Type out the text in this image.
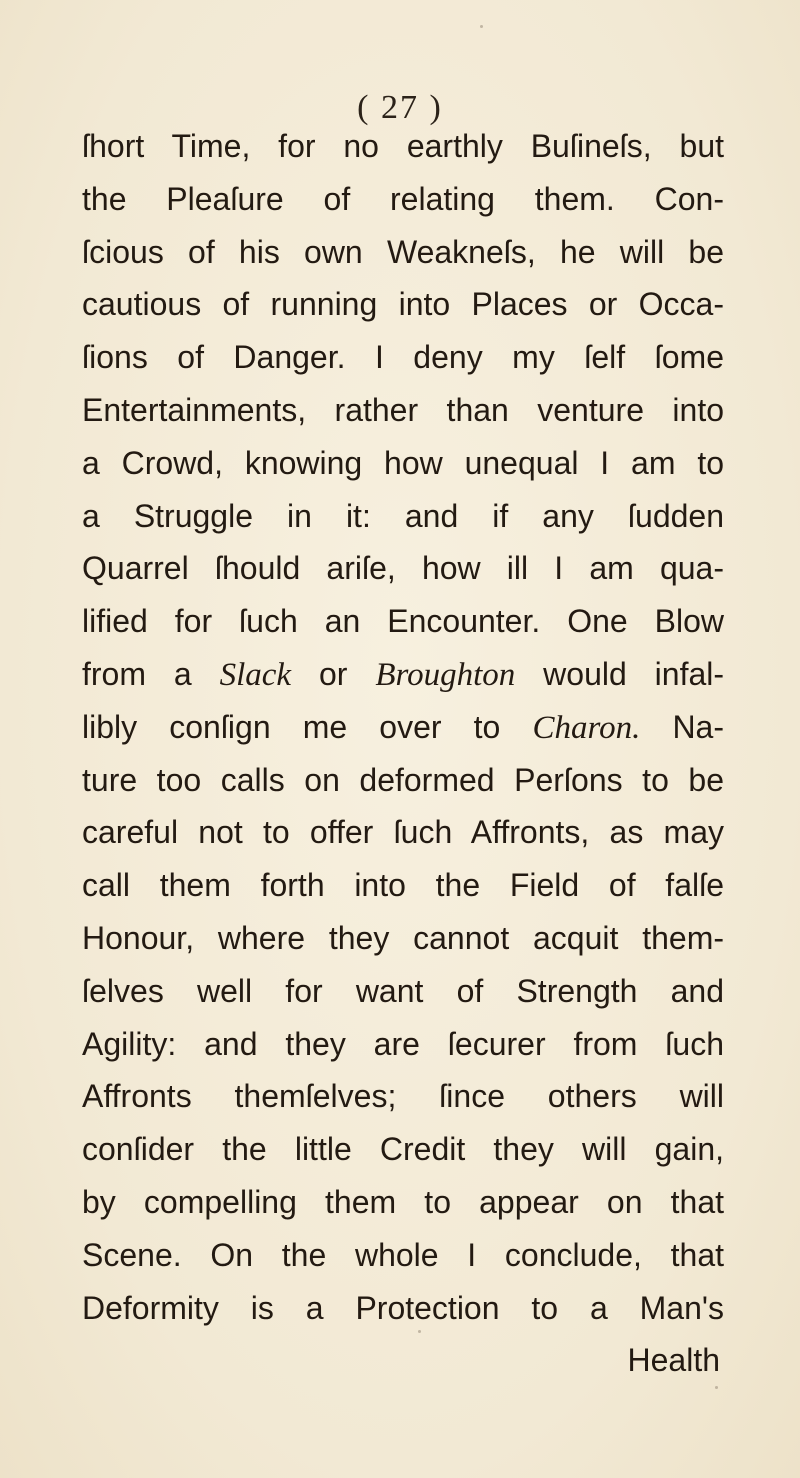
( 27 )
ſhort Time, for no earthly Buſineſs, but
the Pleaſure of relating them. Con-
ſcious of his own Weakneſs, he will be
cautious of running into Places or Occa-
ſions of Danger. I deny my ſelf ſome
Entertainments, rather than venture into
a Crowd, knowing how unequal I am to
a Struggle in it: and if any ſudden
Quarrel ſhould ariſe, how ill I am qua-
lified for ſuch an Encounter. One Blow
from a Slack or Broughton would infal-
libly conſign me over to Charon. Na-
ture too calls on deformed Perſons to be
careful not to offer ſuch Affronts, as may
call them forth into the Field of falſe
Honour, where they cannot acquit them-
ſelves well for want of Strength and
Agility: and they are ſecurer from ſuch
Affronts themſelves; ſince others will
conſider the little Credit they will gain,
by compelling them to appear on that
Scene. On the whole I conclude, that
Deformity is a Protection to a Man's
Health
